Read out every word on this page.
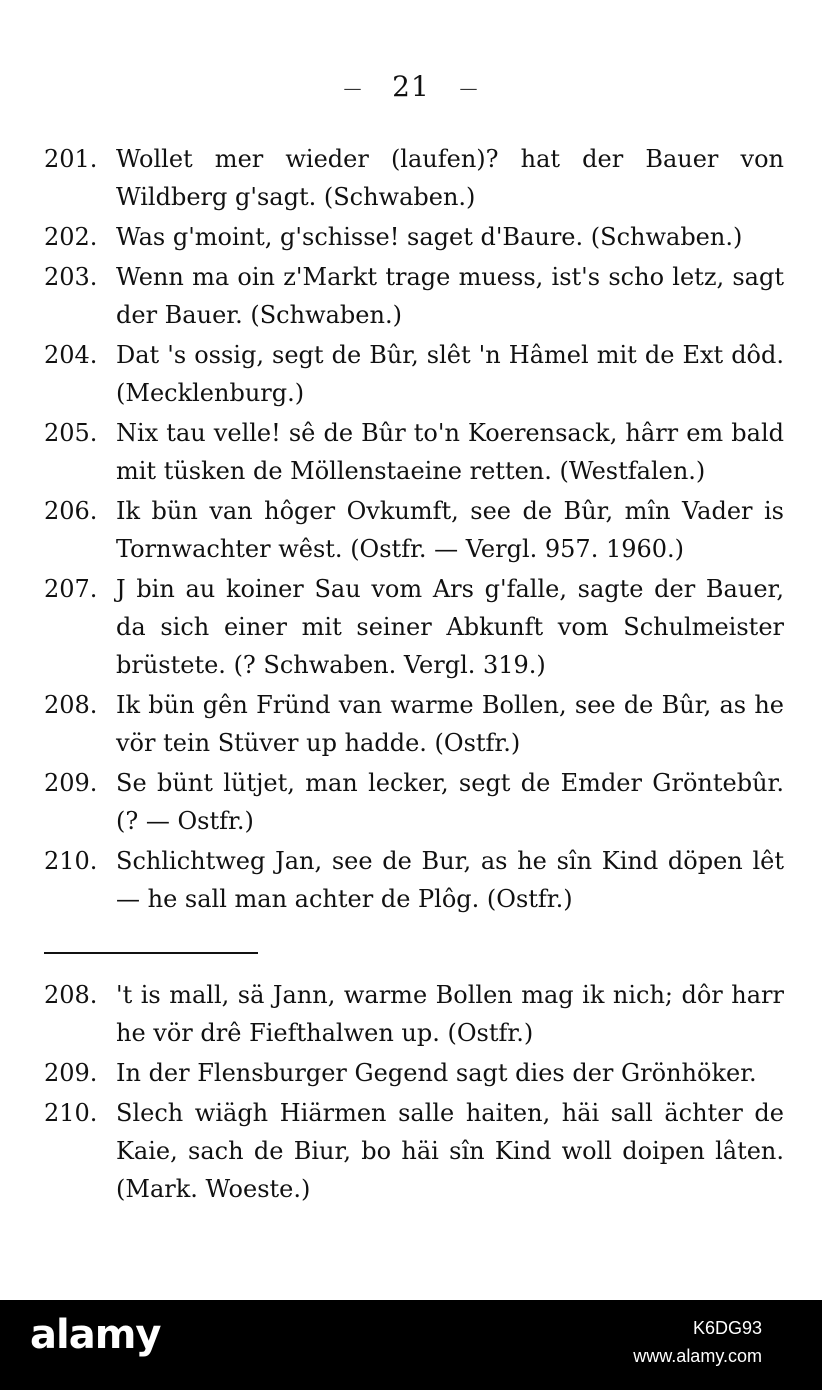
— 21 —
201. Wollet mer wieder (laufen)? hat der Bauer von Wildberg g'sagt. (Schwaben.)
202. Was g'moint, g'schisse! saget d'Baure. (Schwaben.)
203. Wenn ma oin z'Markt trage muess, ist's scho letz, sagt der Bauer. (Schwaben.)
204. Dat 's ossig, segt de Bûr, slêt 'n Hâmel mit de Ext dôd. (Mecklenburg.)
205. Nix tau velle! sê de Bûr to'n Koerensack, hârr em bald mit tüsken de Möllenstaeine retten. (Westfalen.)
206. Ik bün van hôger Ovkumft, see de Bûr, mîn Vader is Tornwachter wêst. (Ostfr. — Vergl. 957. 1960.)
207. J bin au koiner Sau vom Ars g'falle, sagte der Bauer, da sich einer mit seiner Abkunft vom Schulmeister brüstete. (? Schwaben. Vergl. 319.)
208. Ik bün gên Fründ van warme Bollen, see de Bûr, as he vör tein Stüver up hadde. (Ostfr.)
209. Se bünt lütjet, man lecker, segt de Emder Gröntebûr. (? — Ostfr.)
210. Schlichtweg Jan, see de Bur, as he sîn Kind döpen lêt — he sall man achter de Plôg. (Ostfr.)
208. 't is mall, sä Jann, warme Bollen mag ik nich; dôr harr he vör drê Fiefthalwen up. (Ostfr.)
209. In der Flensburger Gegend sagt dies der Grönhöker.
210. Slech wiägh Hiärmen salle haiten, häi sall ächter de Kaie, sach de Biur, bo häi sîn Kind woll doipen lâten. (Mark. Woeste.)
alamy	K6DG93
www.alamy.com
